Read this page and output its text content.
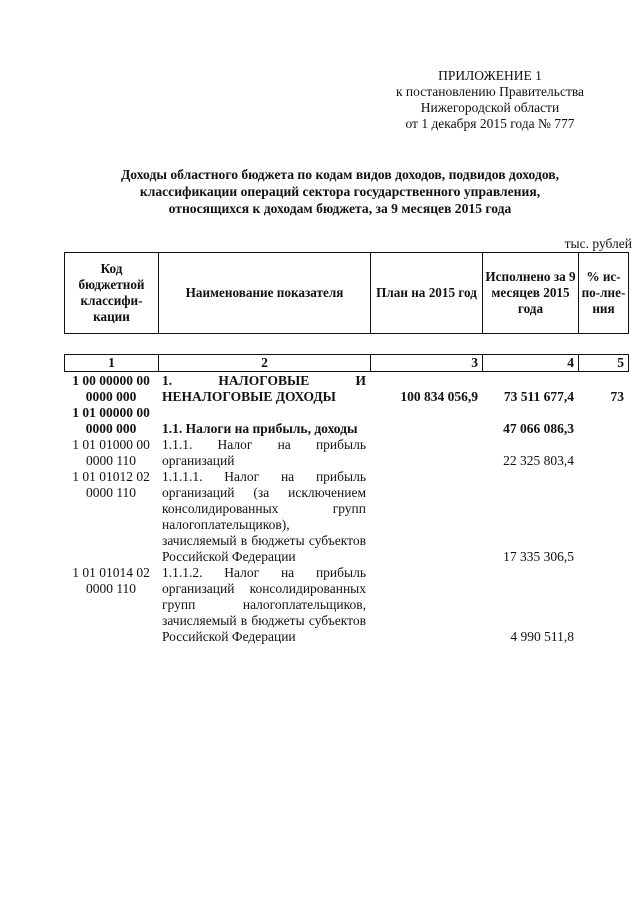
ПРИЛОЖЕНИЕ 1
к постановлению Правительства
Нижегородской области
от 1 декабря 2015 года № 777
Доходы областного бюджета по кодам видов доходов, подвидов доходов,
классификации операций сектора государственного управления,
относящихся к доходам бюджета, за 9 месяцев 2015 года
тыс. рублей
Код бюджетной классифи-кации	Наименование показателя	План на 2015 год	Исполнено за 9 месяцев 2015 года	% ис-по-лне-ния
1	2	3	4	5
1 00 00000 00
0000 000	1. НАЛОГОВЫЕ И НЕНАЛОГОВЫЕ ДОХОДЫ	100 834 056,9	73 511 677,4	73
1 01 00000 00
0000 000	1.1. Налоги на прибыль, доходы		47 066 086,3	
1 01 01000 00
0000 110	1.1.1. Налог на прибыль организаций		22 325 803,4	
1 01 01012 02
0000 110	1.1.1.1. Налог на прибыль организаций (за исключением консолидированных групп налогоплательщиков), зачисляемый в бюджеты субъектов Российской Федерации		17 335 306,5	
1 01 01014 02
0000 110	1.1.1.2. Налог на прибыль организаций консолидированных групп налогоплательщиков, зачисляемый в бюджеты субъектов Российской Федерации		4 990 511,8	
